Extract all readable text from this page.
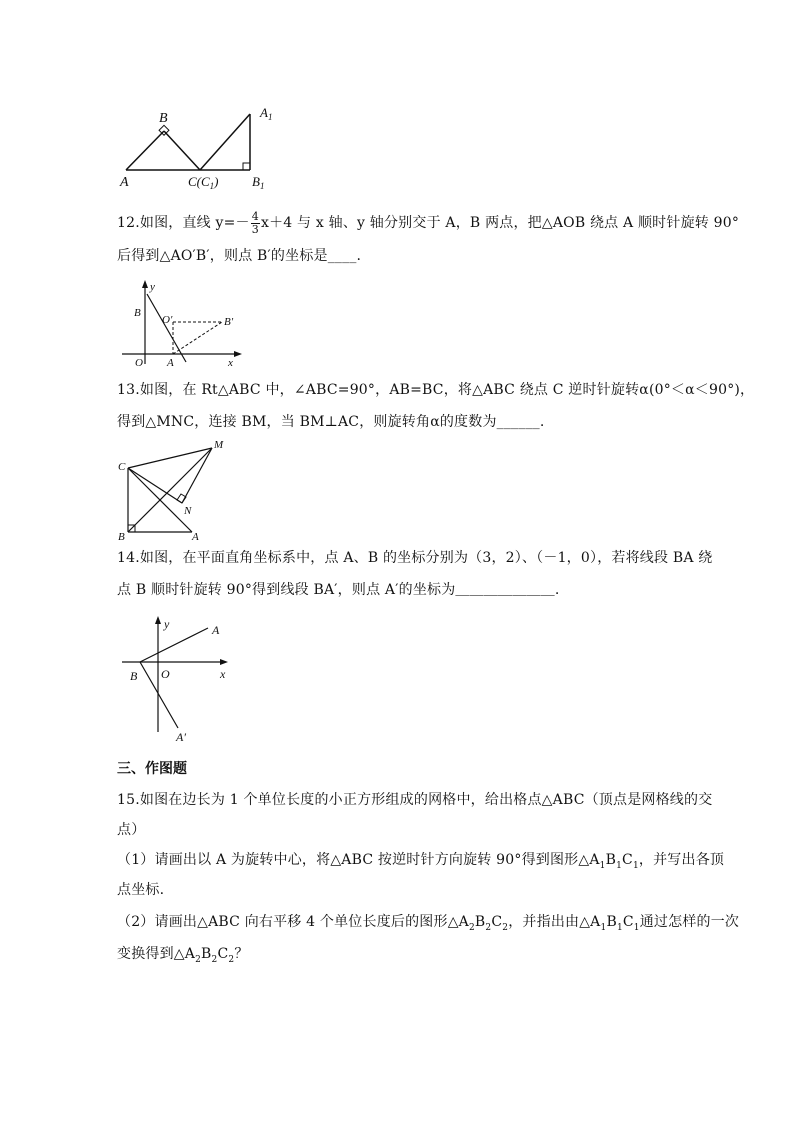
A
B
$C(C_1)$
$A_1$
$B_1$
12.如图，直线 $y=- \frac{4}{3} x+4$ 与 x 轴、y 轴分别交于 A，B 两点，把△AOB 绕点 A 顺时针旋转 90°
后得到△AO′B′，则点 B′的坐标是____.
y
x
B
O′	B′
O A
13.如图，在 Rt△ABC 中，∠ABC=90°，AB=BC，将△ABC 绕点 C 逆时针旋转α(0°＜α＜90°)，
得到△MNC，连接 BM，当 BM⊥AC，则旋转角α的度数为______.
M
C
N
B	A
14.如图，在平面直角坐标系中，点 A、B 的坐标分别为（3，2）、（－1，0），若将线段 BA 绕
点 B 顺时针旋转 90°得到线段 BA′，则点 A′的坐标为＿＿＿＿＿＿＿.
y	A
B O	x
A′
三、作图题
15.如图在边长为 1 个单位长度的小正方形组成的网格中，给出格点△ABC（顶点是网格线的交
点）
（1）请画出以 A 为旋转中心，将△ABC 按逆时针方向旋转 90°得到图形$\triangle A_1B_1C_1$，并写出各顶
点坐标.
（2）请画出△ABC 向右平移 4 个单位长度后的图形$\triangle A_2B_2C_2$，并指出由$\triangle A_1B_1C_1$通过怎样的一次
变换得到$\triangle A_2B_2C_2$？
